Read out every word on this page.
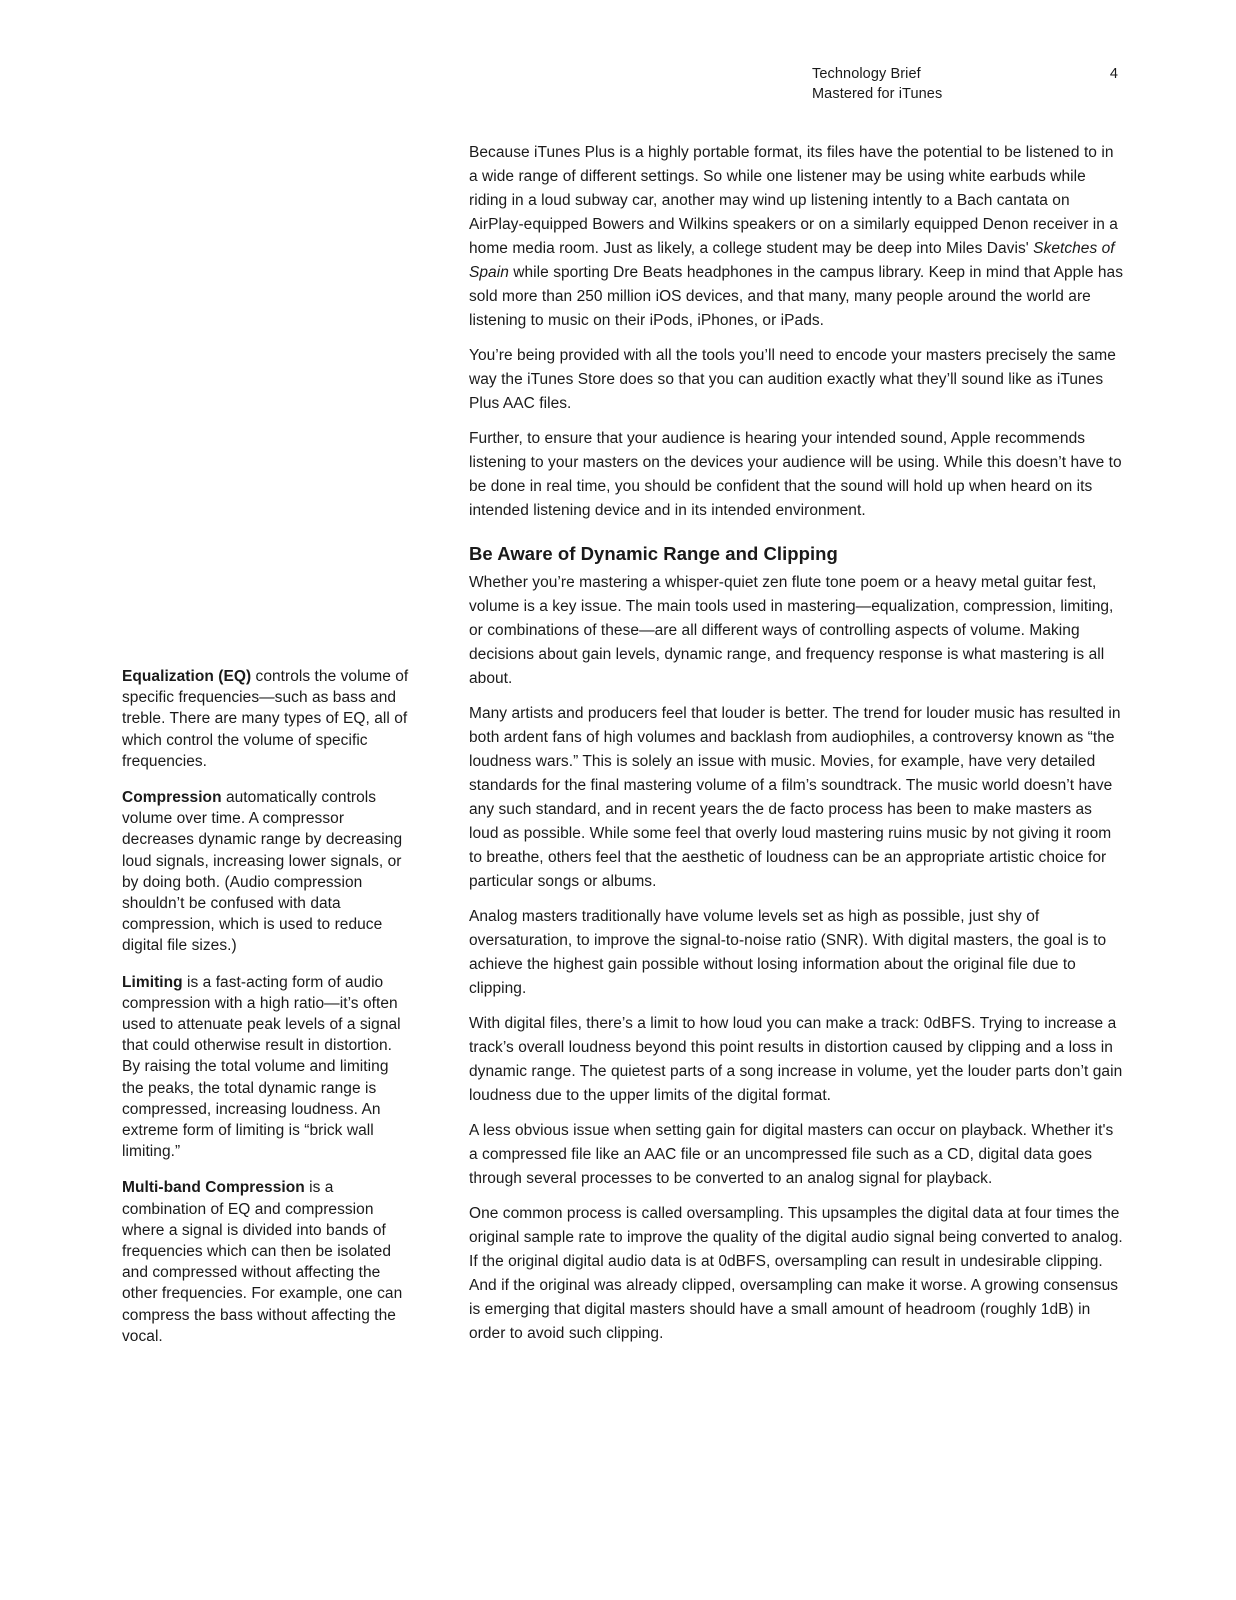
Technology Brief
Mastered for iTunes
4

Because iTunes Plus is a highly portable format, its files have the potential to be listened to in a wide range of different settings. So while one listener may be using white earbuds while riding in a loud subway car, another may wind up listening intently to a Bach cantata on AirPlay-equipped Bowers and Wilkins speakers or on a similarly equipped Denon receiver in a home media room. Just as likely, a college student may be deep into Miles Davis' Sketches of Spain while sporting Dre Beats headphones in the campus library. Keep in mind that Apple has sold more than 250 million iOS devices, and that many, many people around the world are listening to music on their iPods, iPhones, or iPads.

You’re being provided with all the tools you’ll need to encode your masters precisely the same way the iTunes Store does so that you can audition exactly what they’ll sound like as iTunes Plus AAC files.

Further, to ensure that your audience is hearing your intended sound, Apple recommends listening to your masters on the devices your audience will be using. While this doesn’t have to be done in real time, you should be confident that the sound will hold up when heard on its intended listening device and in its intended environment.

Be Aware of Dynamic Range and Clipping

Whether you’re mastering a whisper-quiet zen flute tone poem or a heavy metal guitar fest, volume is a key issue. The main tools used in mastering—equalization, compression, limiting, or combinations of these—are all different ways of controlling aspects of volume. Making decisions about gain levels, dynamic range, and frequency response is what mastering is all about.

Many artists and producers feel that louder is better. The trend for louder music has resulted in both ardent fans of high volumes and backlash from audiophiles, a controversy known as “the loudness wars.” This is solely an issue with music. Movies, for example, have very detailed standards for the final mastering volume of a film’s soundtrack. The music world doesn’t have any such standard, and in recent years the de facto process has been to make masters as loud as possible. While some feel that overly loud mastering ruins music by not giving it room to breathe, others feel that the aesthetic of loudness can be an appropriate artistic choice for particular songs or albums.

Analog masters traditionally have volume levels set as high as possible, just shy of oversaturation, to improve the signal-to-noise ratio (SNR). With digital masters, the goal is to achieve the highest gain possible without losing information about the original file due to clipping.

With digital files, there’s a limit to how loud you can make a track: 0dBFS. Trying to increase a track’s overall loudness beyond this point results in distortion caused by clipping and a loss in dynamic range. The quietest parts of a song increase in volume, yet the louder parts don’t gain loudness due to the upper limits of the digital format.

A less obvious issue when setting gain for digital masters can occur on playback. Whether it's a compressed file like an AAC file or an uncompressed file such as a CD, digital data goes through several processes to be converted to an analog signal for playback.

One common process is called oversampling. This upsamples the digital data at four times the original sample rate to improve the quality of the digital audio signal being converted to analog. If the original digital audio data is at 0dBFS, oversampling can result in undesirable clipping. And if the original was already clipped, oversampling can make it worse. A growing consensus is emerging that digital masters should have a small amount of headroom (roughly 1dB) in order to avoid such clipping.

Equalization (EQ) controls the volume of specific frequencies—such as bass and treble. There are many types of EQ, all of which control the volume of specific frequencies.

Compression automatically controls volume over time. A compressor decreases dynamic range by decreasing loud signals, increasing lower signals, or by doing both. (Audio compression shouldn’t be confused with data compression, which is used to reduce digital file sizes.)

Limiting is a fast-acting form of audio compression with a high ratio—it’s often used to attenuate peak levels of a signal that could otherwise result in distortion. By raising the total volume and limiting the peaks, the total dynamic range is compressed, increasing loudness. An extreme form of limiting is “brick wall limiting.”

Multi-band Compression is a combination of EQ and compression where a signal is divided into bands of frequencies which can then be isolated and compressed without affecting the other frequencies. For example, one can compress the bass without affecting the vocal.
